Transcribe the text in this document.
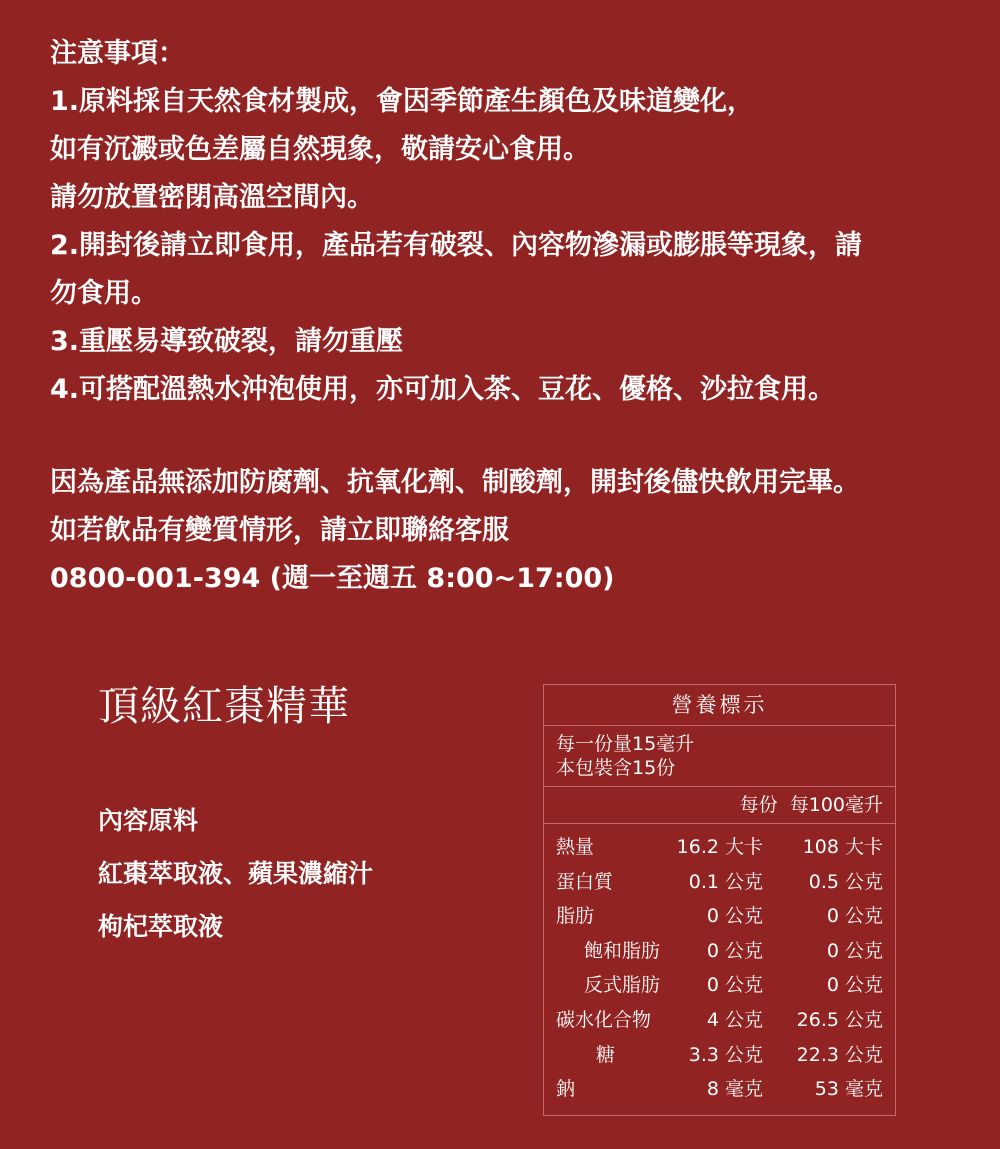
注意事項：
1.原料採自天然食材製成，會因季節產生顏色及味道變化，
如有沉澱或色差屬自然現象，敬請安心食用。
請勿放置密閉高溫空間內。
2.開封後請立即食用，產品若有破裂、內容物滲漏或膨脹等現象，請
勿食用。
3.重壓易導致破裂，請勿重壓
4.可搭配溫熱水沖泡使用，亦可加入茶、豆花、優格、沙拉食用。
因為產品無添加防腐劑、抗氧化劑、制酸劑，開封後儘快飲用完畢。
如若飲品有變質情形，請立即聯絡客服
0800-001-394 (週一至週五 8:00~17:00)
頂級紅棗精華
內容原料
紅棗萃取液、蘋果濃縮汁
枸杞萃取液
營養標示
每一份量15毫升
本包裝含15份
每份 每100毫升
熱量	16.2 大卡 108 大卡
蛋白質	0.1 公克 0.5 公克
脂肪	0 公克	0 公克
飽和脂肪 0 公克	0 公克
反式脂肪 0 公克	0 公克
碳水化合物	4 公克 26.5 公克
糖	3.3 公克 22.3 公克
鈉	8 毫克	53 毫克
